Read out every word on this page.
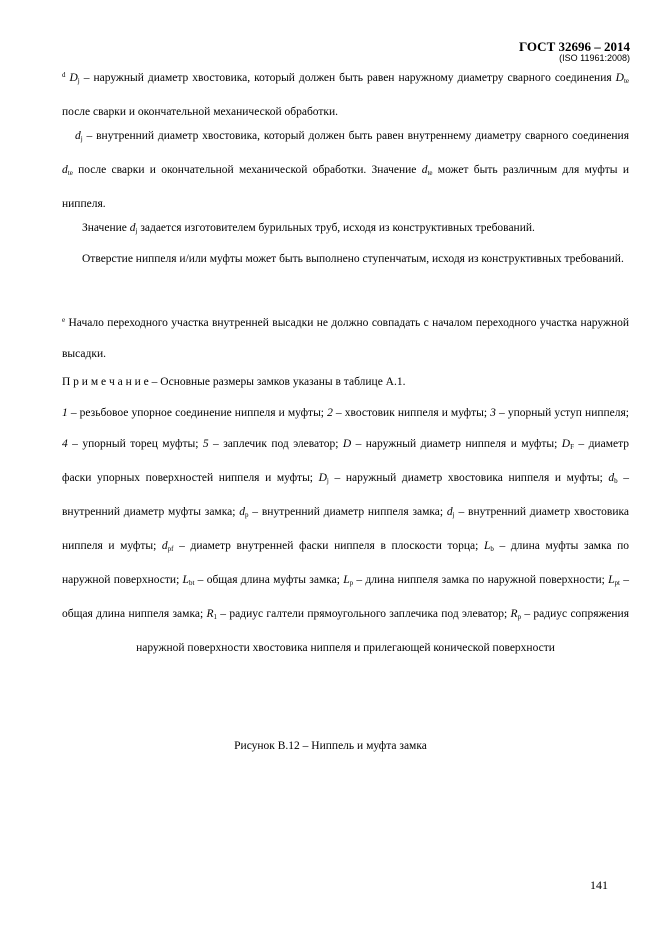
ГОСТ 32696 – 2014
(ISO 11961:2008)
$^d$ $D_j$ – наружный диаметр хвостовика, который должен быть равен наружному диаметру сварного соединения $D_{te}$ после сварки и окончательной механической обработки.
$d_j$ – внутренний диаметр хвостовика, который должен быть равен внутреннему диаметру сварного соединения $d_{te}$ после сварки и окончательной механической обработки. Значение $d_{te}$ может быть различным для муфты и ниппеля.
Значение $d_j$ задается изготовителем бурильных труб, исходя из конструктивных требований.
Отверстие ниппеля и/или муфты может быть выполнено ступенчатым, исходя из конструктивных требований.
$^e$ Начало переходного участка внутренней высадки не должно совпадать с началом переходного участка наружной высадки.
П р и м е ч а н и е – Основные размеры замков указаны в таблице А.1.
1 – резьбовое упорное соединение ниппеля и муфты; 2 – хвостовик ниппеля и муфты; 3 – упорный уступ ниппеля; 4 – упорный торец муфты; 5 – заплечик под элеватор; D – наружный диаметр ниппеля и муфты; $D_F$ – диаметр фаски упорных поверхностей ниппеля и муфты; $D_j$ – наружный диаметр хвостовика ниппеля и муфты; $d_b$ – внутренний диаметр муфты замка; $d_p$ – внутренний диаметр ниппеля замка; $d_j$ – внутренний диаметр хвостовика ниппеля и муфты; $d_{pf}$ – диаметр внутренней фаски ниппеля в плоскости торца; $L_b$ – длина муфты замка по наружной поверхности; $L_{bt}$ – общая длина муфты замка; $L_p$ – длина ниппеля замка по наружной поверхности; $L_{pt}$ – общая длина ниппеля замка; $R_1$ – радиус галтели прямоугольного заплечика под элеватор; $R_p$ – радиус сопряжения наружной поверхности хвостовика ниппеля и прилегающей конической поверхности
Рисунок В.12 – Ниппель и муфта замка
141
